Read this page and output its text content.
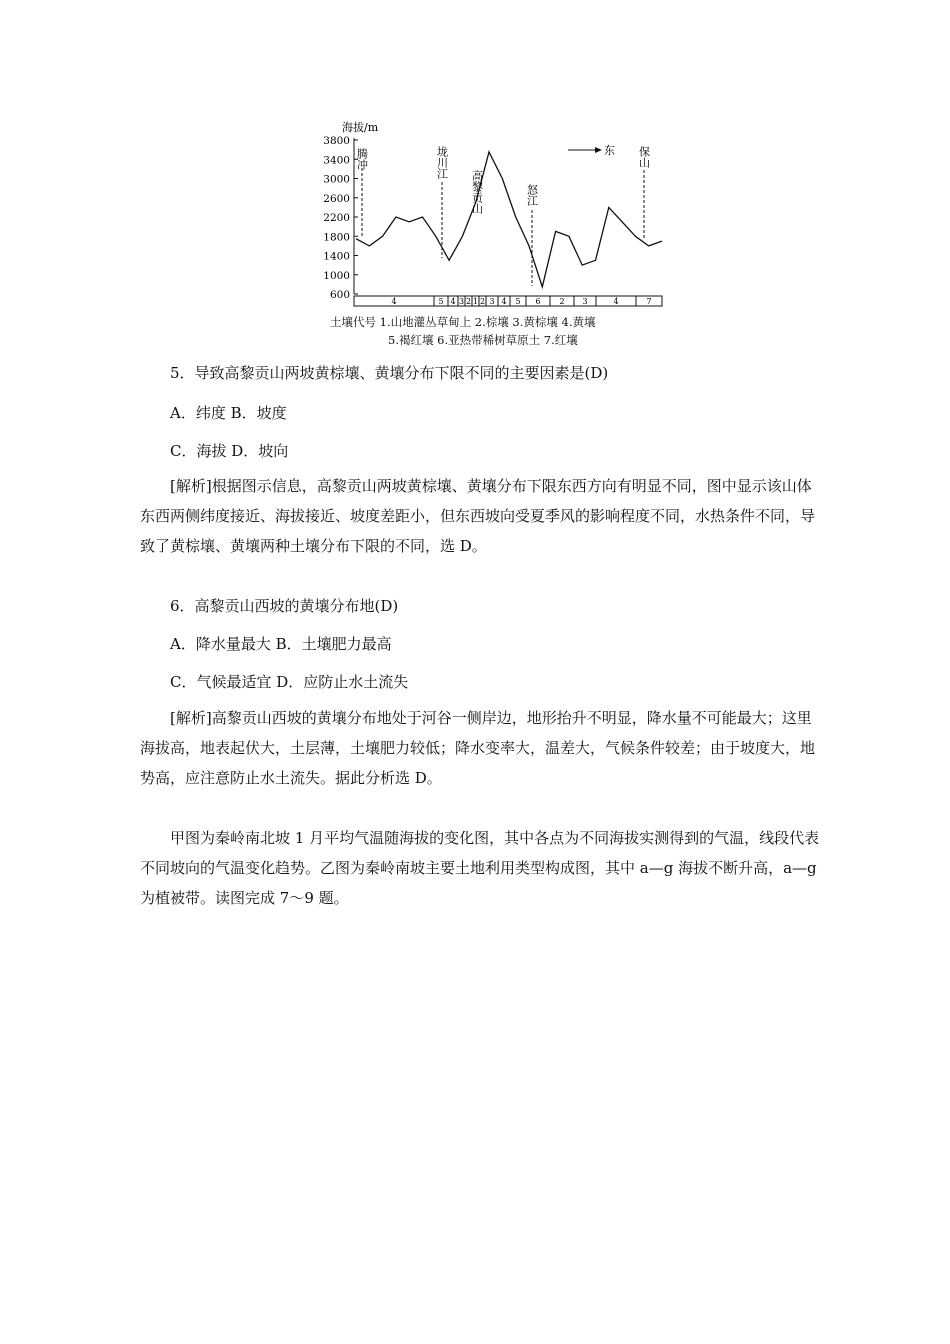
海拔/m
3800
3400
3000
2600
2200
1800
1400
1000
600
东
腾冲	垅川江
高黎贡山	怒江
保山
4	5 4 3 2 1 2 3 4 5 6 2 3	4	7
土壤代号 1.山地灌丛草甸上 2.棕壤 3.黄棕壤 4.黄壤
5.褐红壤 6.亚热带稀树草原土 7.红壤

5．导致高黎贡山两坡黄棕壤、黄壤分布下限不同的主要因素是(D)

A．纬度 B．坡度
C．海拔 D．坡向

[解析]根据图示信息，高黎贡山两坡黄棕壤、黄壤分布下限东西方向有明显不同，图中显示该山体东西两侧纬度接近、海拔接近、坡度差距小，但东西坡向受夏季风的影响程度不同，水热条件不同，导致了黄棕壤、黄壤两种土壤分布下限的不同，选 D。

6．高黎贡山西坡的黄壤分布地(D)

A．降水量最大 B．土壤肥力最高
C．气候最适宜 D．应防止水土流失

[解析]高黎贡山西坡的黄壤分布地处于河谷一侧岸边，地形抬升不明显，降水量不可能最大；这里海拔高，地表起伏大，土层薄，土壤肥力较低；降水变率大，温差大，气候条件较差；由于坡度大，地势高，应注意防止水土流失。据此分析选 D。

甲图为秦岭南北坡 1 月平均气温随海拔的变化图，其中各点为不同海拔实测得到的气温，线段代表不同坡向的气温变化趋势。乙图为秦岭南坡主要土地利用类型构成图，其中 a—g 海拔不断升高，a—g 为植被带。读图完成 7～9 题。
